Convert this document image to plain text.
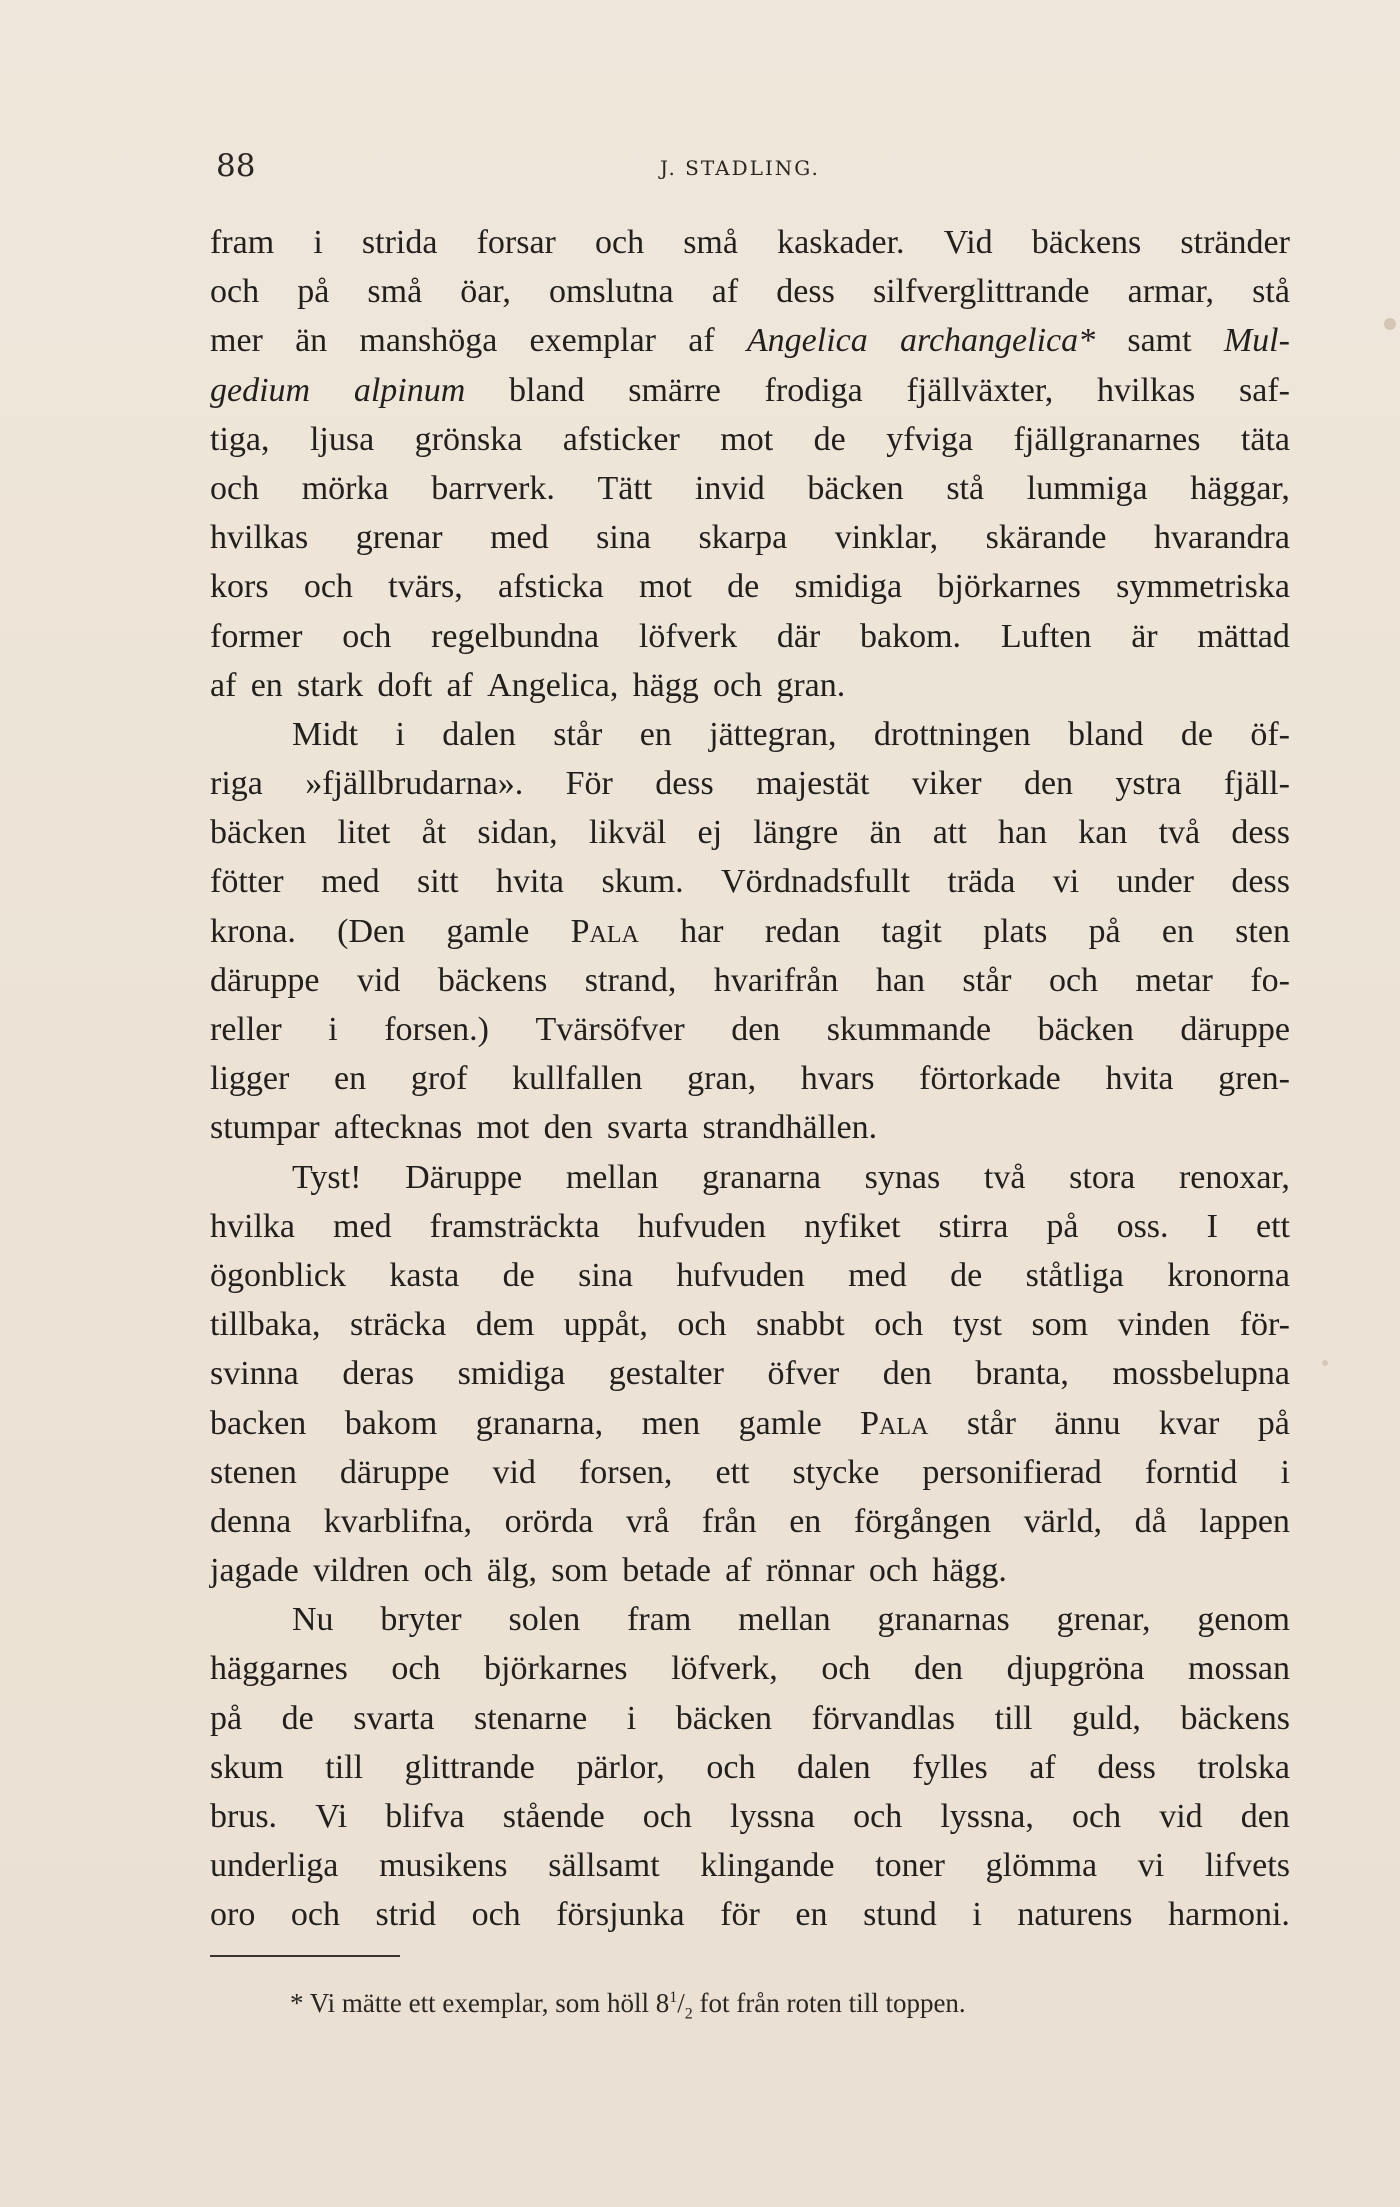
88	J. STADLING.
fram i strida forsar och små kaskader. Vid bäckens stränder
och på små öar, omslutna af dess silfverglittrande armar, stå
mer än manshöga exemplar af Angelica archangelica* samt Mul-
gedium alpinum bland smärre frodiga fjällväxter, hvilkas saf-
tiga, ljusa grönska afsticker mot de yfviga fjällgranarnes täta
och mörka barrverk. Tätt invid bäcken stå lummiga häggar,
hvilkas grenar med sina skarpa vinklar, skärande hvarandra
kors och tvärs, afsticka mot de smidiga björkarnes symmetriska
former och regelbundna löfverk där bakom. Luften är mättad
af en stark doft af Angelica, hägg och gran.
Midt i dalen står en jättegran, drottningen bland de öf-
riga »fjällbrudarna». För dess majestät viker den ystra fjäll-
bäcken litet åt sidan, likväl ej längre än att han kan två dess
fötter med sitt hvita skum. Vördnadsfullt träda vi under dess
krona. (Den gamle Pala har redan tagit plats på en sten
däruppe vid bäckens strand, hvarifrån han står och metar fo-
reller i forsen.) Tvärsöfver den skummande bäcken däruppe
ligger en grof kullfallen gran, hvars förtorkade hvita gren-
stumpar aftecknas mot den svarta strandhällen.
Tyst! Däruppe mellan granarna synas två stora renoxar,
hvilka med framsträckta hufvuden nyfiket stirra på oss. I ett
ögonblick kasta de sina hufvuden med de ståtliga kronorna
tillbaka, sträcka dem uppåt, och snabbt och tyst som vinden för-
svinna deras smidiga gestalter öfver den branta, mossbelupna
backen bakom granarna, men gamle Pala står ännu kvar på
stenen däruppe vid forsen, ett stycke personifierad forntid i
denna kvarblifna, orörda vrå från en förgången värld, då lappen
jagade vildren och älg, som betade af rönnar och hägg.
Nu bryter solen fram mellan granarnas grenar, genom
häggarnes och björkarnes löfverk, och den djupgröna mossan
på de svarta stenarne i bäcken förvandlas till guld, bäckens
skum till glittrande pärlor, och dalen fylles af dess trolska
brus. Vi blifva stående och lyssna och lyssna, och vid den
underliga musikens sällsamt klingande toner glömma vi lifvets
oro och strid och försjunka för en stund i naturens harmoni.
* Vi mätte ett exemplar, som höll $8^1/_2$ fot från roten till toppen.
